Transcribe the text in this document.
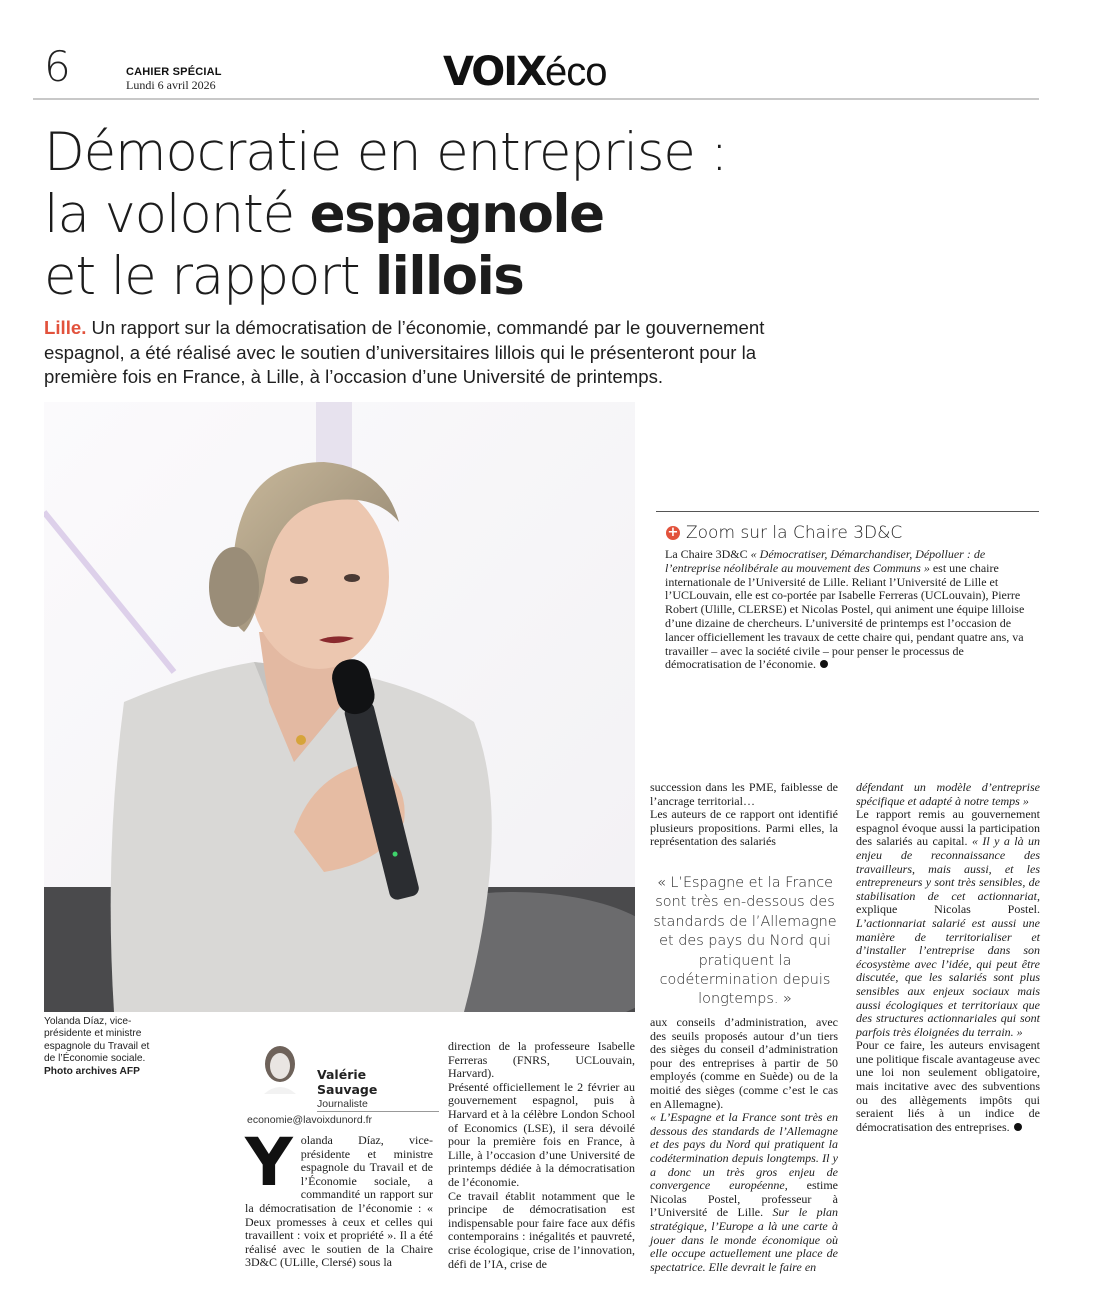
6	CAHIER SPÉCIAL
Lundi 6 avril 2026	VOIXéco
Démocratie en entreprise :
la volonté espagnole
et le rapport lillois

Lille. Un rapport sur la démocratisation de l’économie, commandé par le gouvernement espagnol, a été réalisé avec le soutien d’universitaires lillois qui le présenteront pour la première fois en France, à Lille, à l’occasion d’une Université de printemps.

Yolanda Díaz, vice-présidente et ministre espagnole du Travail et de l’Économie sociale.
Photo archives AFP	Valérie
Sauvage
Journaliste
economie@lavoixdunord.fr

Yolanda Díaz, vice-présidente et ministre espagnole du Travail et de l’Économie sociale, a commandité un rapport sur la démocratisation de l’économie : « Deux promesses à ceux et celles qui travaillent : voix et propriété ». Il a été réalisé avec le soutien de la Chaire 3D&C (ULille, Clersé) sous la

direction de la professeure Isabelle Ferreras (FNRS, UCLouvain, Harvard).

Présenté officiellement le 2 février au gouvernement espagnol, puis à Harvard et à la célèbre London School of Economics (LSE), il sera dévoilé pour la première fois en France, à Lille, à l’occasion d’une Université de printemps dédiée à la démocratisation de l’économie.

Ce travail établit notamment que le principe de démocratisation est indispensable pour faire face aux défis contemporains : inégalités et pauvreté, crise écologique, crise de l’innovation, défi de l’IA, crise de

succession dans les PME, faiblesse de l’ancrage territorial…

Les auteurs de ce rapport ont identifié plusieurs propositions. Parmi elles, la représentation des salariés

« L’Espagne et la France sont très en-dessous des standards de l’Allemagne et des pays du Nord qui pratiquent la codétermination depuis longtemps. »

aux conseils d’administration, avec des seuils proposés autour d’un tiers des sièges du conseil d’administration pour des entreprises à partir de 50 employés (comme en Suède) ou de la moitié des sièges (comme c’est le cas en Allemagne).

« L’Espagne et la France sont très en dessous des standards de l’Allemagne et des pays du Nord qui pratiquent la codétermination depuis longtemps. Il y a donc un très gros enjeu de convergence européenne, estime Nicolas Postel, professeur à l’Université de Lille. Sur le plan stratégique, l’Europe a là une carte à jouer dans le monde économique où elle occupe actuellement une place de spectatrice. Elle devrait le faire en

défendant un modèle d’entreprise spécifique et adapté à notre temps »

Le rapport remis au gouvernement espagnol évoque aussi la participation des salariés au capital. « Il y a là un enjeu de reconnaissance des travailleurs, mais aussi, et les entrepreneurs y sont très sensibles, de stabilisation de cet actionnariat, explique Nicolas Postel. L’actionnariat salarié est aussi une manière de territorialiser et d’installer l’entreprise dans son écosystème avec l’idée, qui peut être discutée, que les salariés sont plus sensibles aux enjeux sociaux mais aussi écologiques et territoriaux que des structures actionnariales qui sont parfois très éloignées du terrain. »

Pour ce faire, les auteurs envisagent une politique fiscale avantageuse avec une loi non seulement obligatoire, mais incitative avec des subventions ou des allègements impôts qui seraient liés à un indice de démocratisation des entreprises.

+ Zoom sur la Chaire 3D&C

La Chaire 3D&C « Démocratiser, Démarchandiser, Dépolluer : de l’entreprise néolibérale au mouvement des Communs » est une chaire internationale de l’Université de Lille. Reliant l’Université de Lille et l’UCLouvain, elle est co-portée par Isabelle Ferreras (UCLouvain), Pierre Robert (Ulille, CLERSE) et Nicolas Postel, qui animent une équipe lilloise d’une dizaine de chercheurs. L’université de printemps est l’occasion de lancer officiellement les travaux de cette chaire qui, pendant quatre ans, va travailler – avec la société civile – pour penser le processus de démocratisation de l’économie.
